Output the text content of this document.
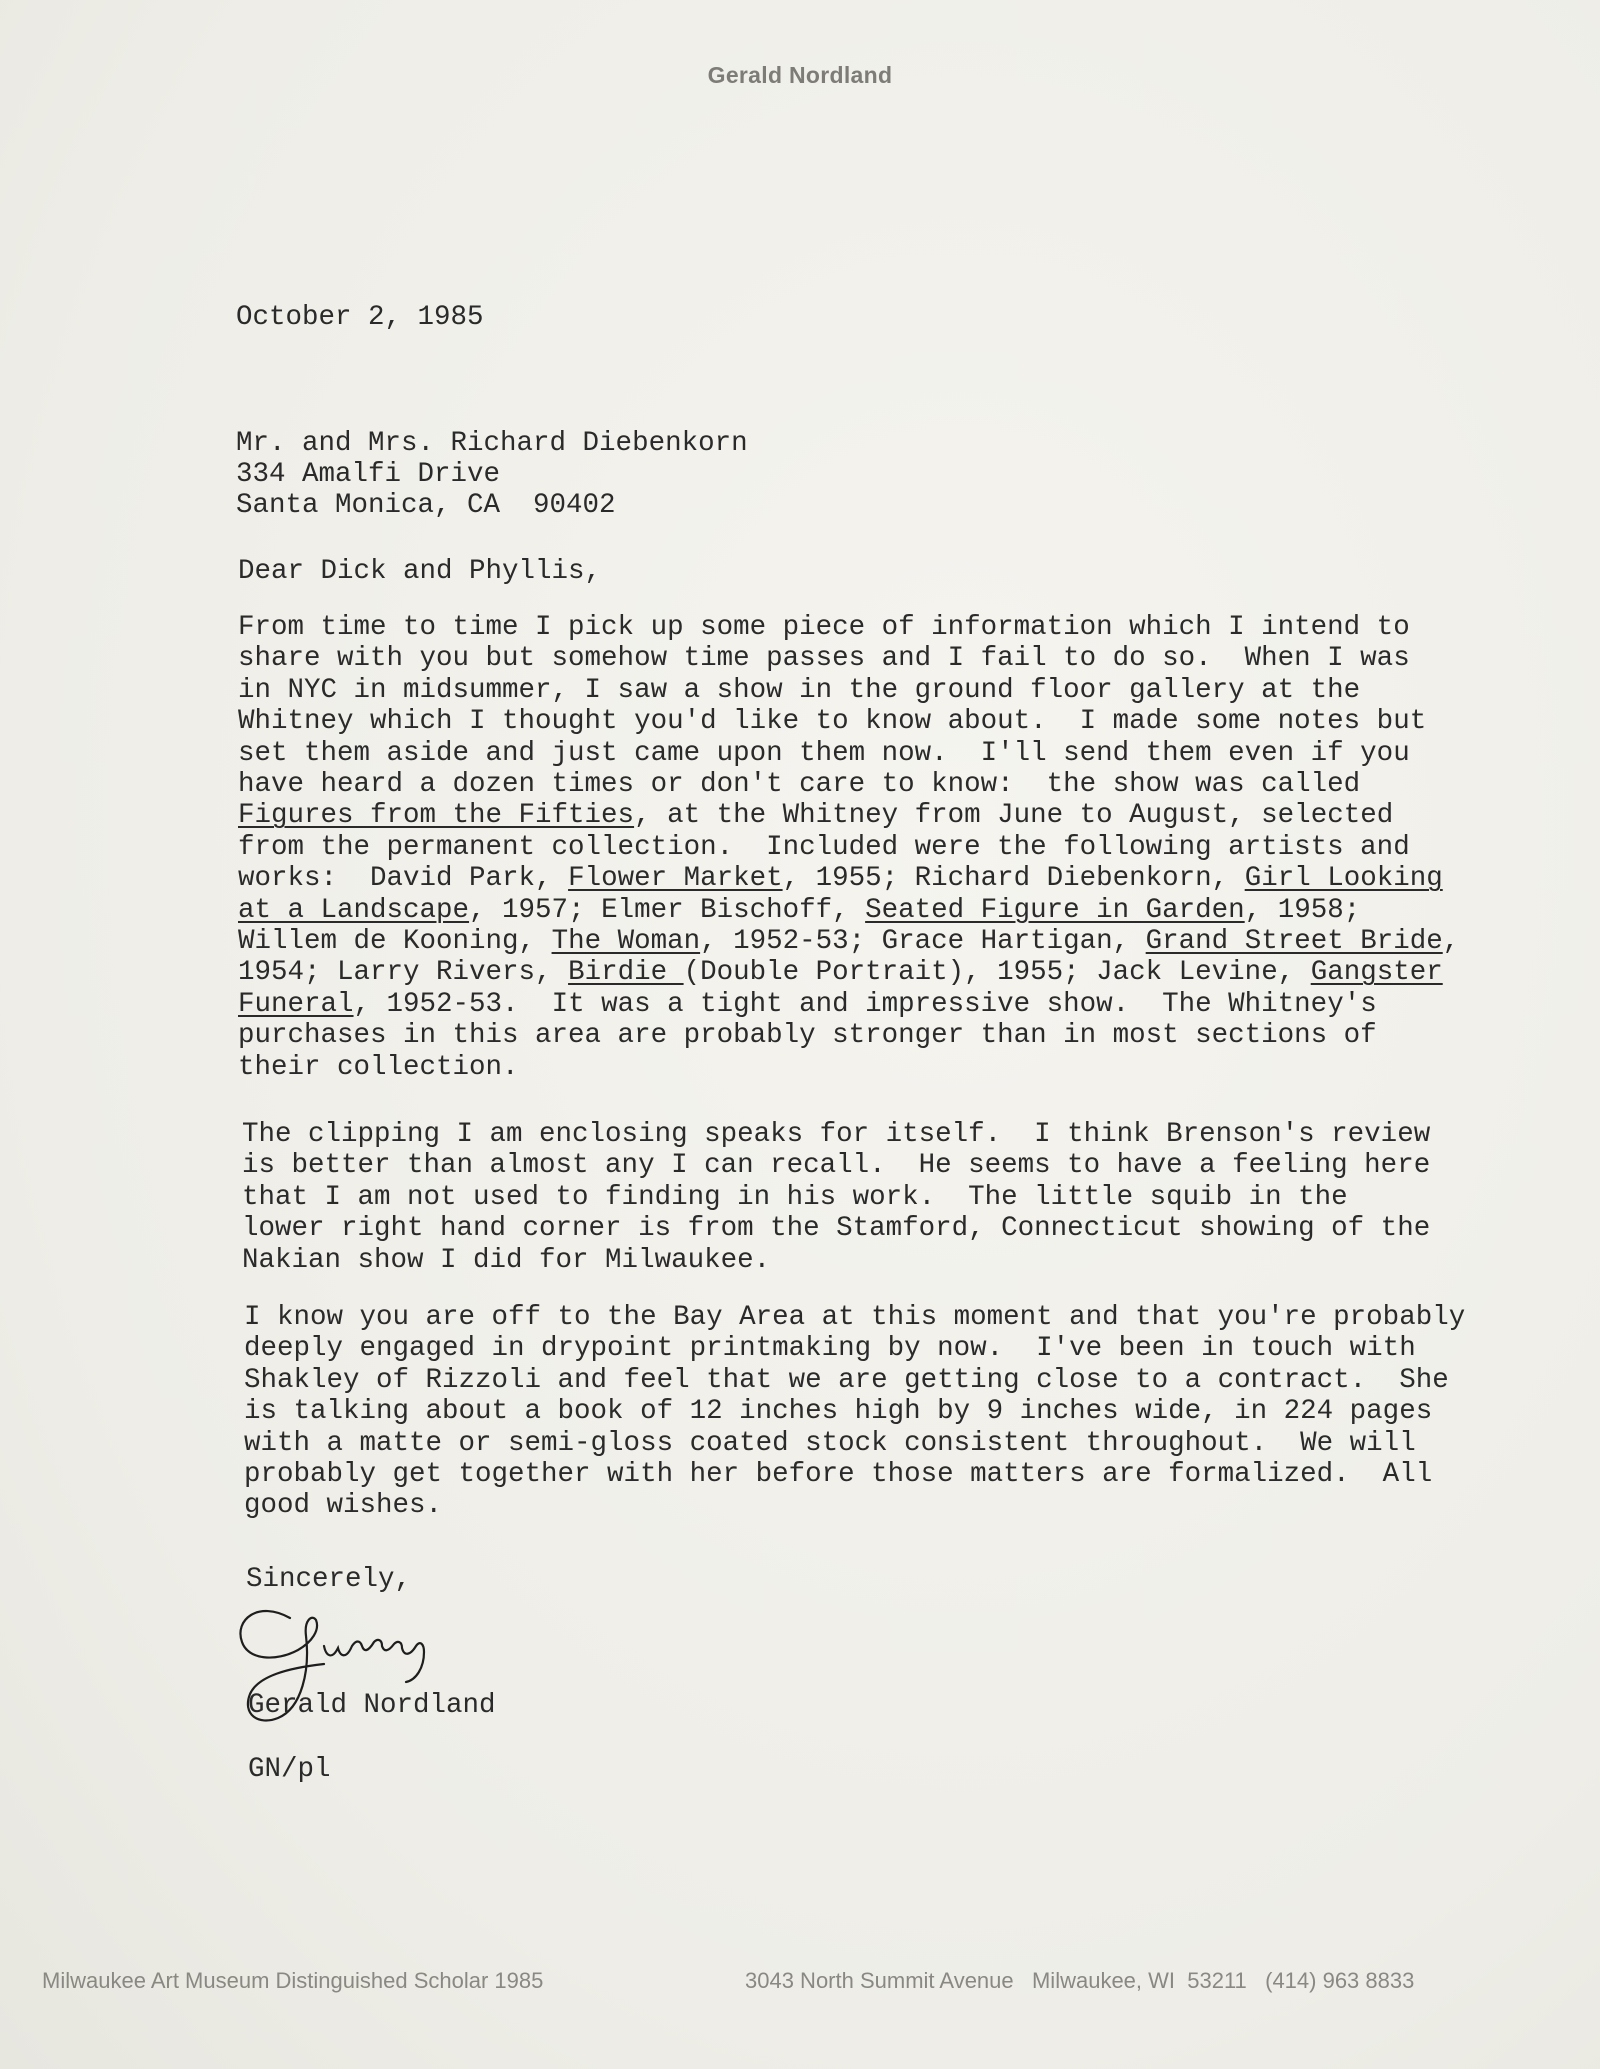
Gerald Nordland
October 2, 1985
Mr. and Mrs. Richard Diebenkorn
334 Amalfi Drive
Santa Monica, CA  90402
Dear Dick and Phyllis,
From time to time I pick up some piece of information which I intend to
share with you but somehow time passes and I fail to do so.  When I was
in NYC in midsummer, I saw a show in the ground floor gallery at the
Whitney which I thought you'd like to know about.  I made some notes but
set them aside and just came upon them now.  I'll send them even if you
have heard a dozen times or don't care to know:  the show was called
Figures from the Fifties, at the Whitney from June to August, selected
from the permanent collection.  Included were the following artists and
works:  David Park, Flower Market, 1955; Richard Diebenkorn, Girl Looking
at a Landscape, 1957; Elmer Bischoff, Seated Figure in Garden, 1958;
Willem de Kooning, The Woman, 1952-53; Grace Hartigan, Grand Street Bride,
1954; Larry Rivers, Birdie (Double Portrait), 1955; Jack Levine, Gangster
Funeral, 1952-53.  It was a tight and impressive show.  The Whitney's
purchases in this area are probably stronger than in most sections of
their collection.
The clipping I am enclosing speaks for itself.  I think Brenson's review
is better than almost any I can recall.  He seems to have a feeling here
that I am not used to finding in his work.  The little squib in the
lower right hand corner is from the Stamford, Connecticut showing of the
Nakian show I did for Milwaukee.
I know you are off to the Bay Area at this moment and that you're probably
deeply engaged in drypoint printmaking by now.  I've been in touch with
Shakley of Rizzoli and feel that we are getting close to a contract.  She
is talking about a book of 12 inches high by 9 inches wide, in 224 pages
with a matte or semi-gloss coated stock consistent throughout.  We will
probably get together with her before those matters are formalized.  All
good wishes.
Sincerely,
Gerald Nordland
GN/pl
Milwaukee Art Museum Distinguished Scholar 1985	3043 North Summit Avenue   Milwaukee, WI  53211   (414) 963 8833
